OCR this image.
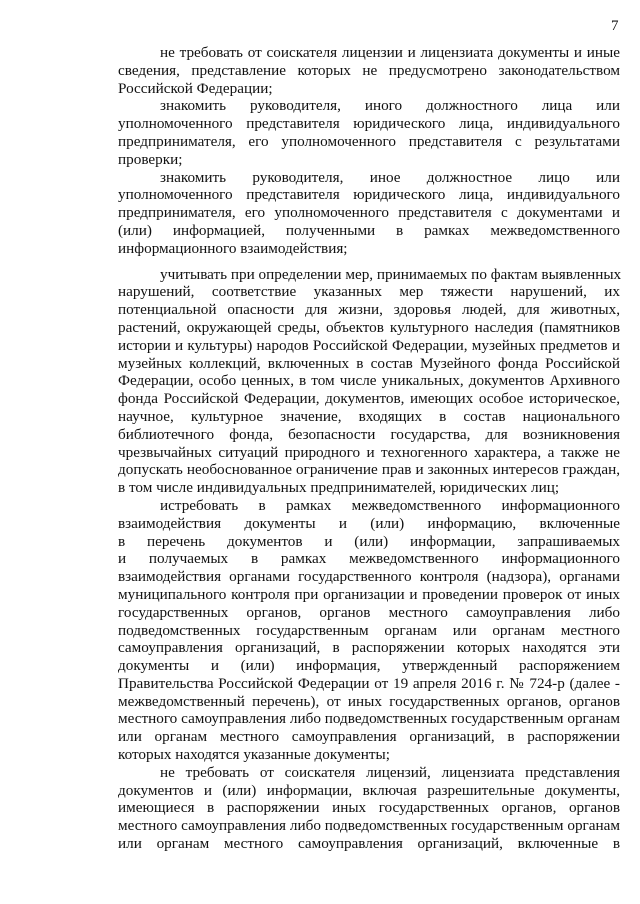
7

не требовать от соискателя лицензии и лицензиата документы и иные
сведения, представление которых не предусмотрено законодательством
Российской Федерации;

знакомить руководителя, иного должностного лица или
уполномоченного представителя юридического лица, индивидуального
предпринимателя, его уполномоченного представителя с результатами
проверки;

знакомить руководителя, иное должностное лицо или
уполномоченного представителя юридического лица, индивидуального
предпринимателя, его уполномоченного представителя с документами и
(или) информацией, полученными в рамках межведомственного
информационного взаимодействия;

учитывать при определении мер, принимаемых по фактам выявленных
нарушений, соответствие указанных мер тяжести нарушений, их
потенциальной опасности для жизни, здоровья людей, для животных,
растений, окружающей среды, объектов культурного наследия (памятников
истории и культуры) народов Российской Федерации, музейных предметов и
музейных коллекций, включенных в состав Музейного фонда Российской
Федерации, особо ценных, в том числе уникальных, документов Архивного
фонда Российской Федерации, документов, имеющих особое историческое,
научное, культурное значение, входящих в состав национального
библиотечного фонда, безопасности государства, для возникновения
чрезвычайных ситуаций природного и техногенного характера, а также не
допускать необоснованное ограничение прав и законных интересов граждан,
в том числе индивидуальных предпринимателей, юридических лиц;

истребовать в рамках межведомственного информационного
взаимодействия документы и (или) информацию, включенные
в перечень документов и (или) информации, запрашиваемых
и получаемых в рамках межведомственного информационного
взаимодействия органами государственного контроля (надзора), органами
муниципального контроля при организации и проведении проверок от иных
государственных органов, органов местного самоуправления либо
подведомственных государственным органам или органам местного
самоуправления организаций, в распоряжении которых находятся эти
документы и (или) информация, утвержденный распоряжением
Правительства Российской Федерации от 19 апреля 2016 г. № 724-р (далее -
межведомственный перечень), от иных государственных органов, органов
местного самоуправления либо подведомственных государственным органам
или органам местного самоуправления организаций, в распоряжении
которых находятся указанные документы;

не требовать от соискателя лицензий, лицензиата представления
документов и (или) информации, включая разрешительные документы,
имеющиеся в распоряжении иных государственных органов, органов
местного самоуправления либо подведомственных государственным органам
или органам местного самоуправления организаций, включенные в
